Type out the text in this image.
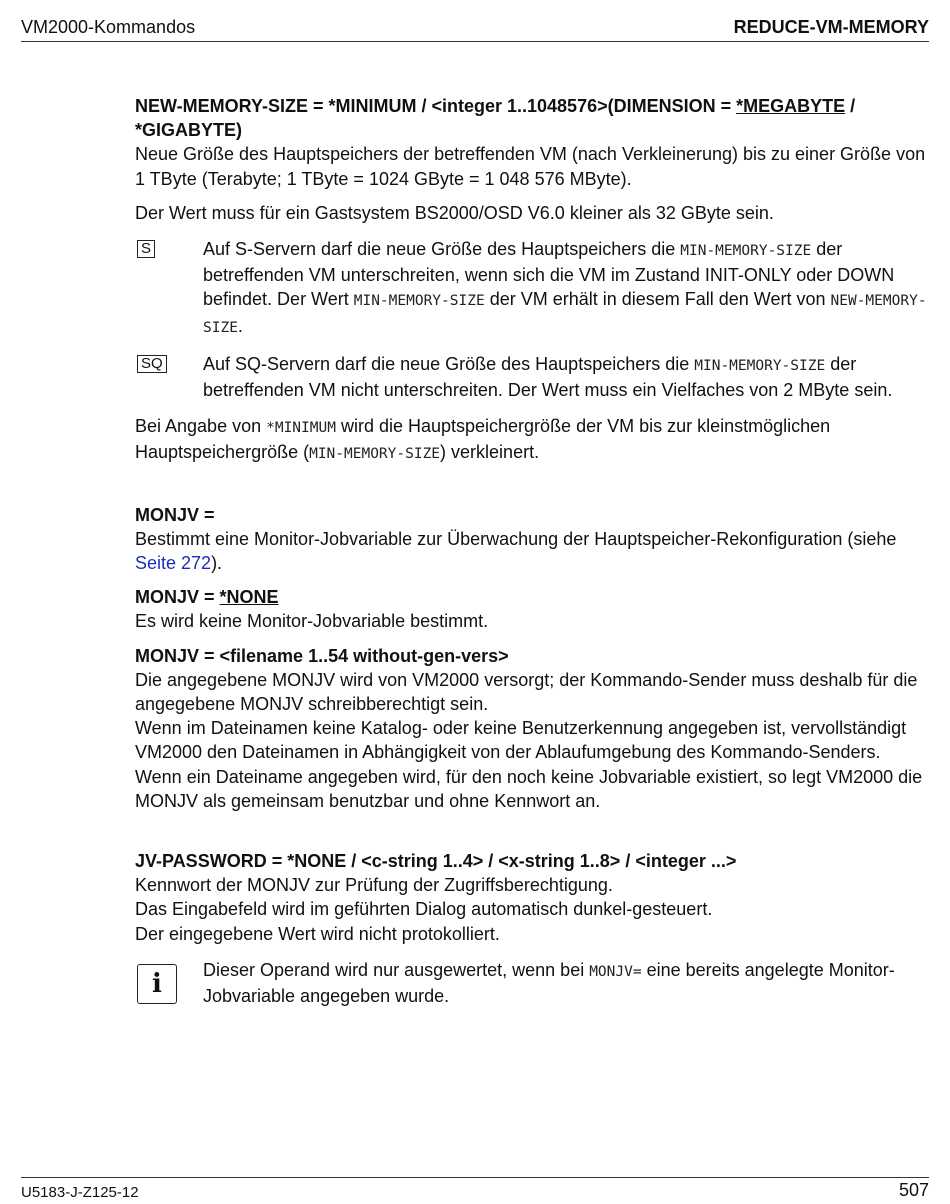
VM2000-Kommandos	REDUCE-VM-MEMORY

NEW-MEMORY-SIZE = *MINIMUM / <integer 1..1048576>(DIMENSION = *MEGABYTE / *GIGABYTE)

Neue Größe des Hauptspeichers der betreffenden VM (nach Verkleinerung) bis zu einer Größe von 1 TByte (Terabyte; 1 TByte = 1024 GByte = 1 048 576 MByte).

Der Wert muss für ein Gastsystem BS2000/OSD V6.0 kleiner als 32 GByte sein.

S	Auf S-Servern darf die neue Größe des Hauptspeichers die MIN-MEMORY-SIZE der betreffenden VM unterschreiten, wenn sich die VM im Zustand INIT-ONLY oder DOWN befindet. Der Wert MIN-MEMORY-SIZE der VM erhält in diesem Fall den Wert von NEW-MEMORY-SIZE.

SQ Auf SQ-Servern darf die neue Größe des Hauptspeichers die MIN-MEMORY-SIZE der betreffenden VM nicht unterschreiten. Der Wert muss ein Vielfaches von 2 MByte sein.

Bei Angabe von *MINIMUM wird die Hauptspeichergröße der VM bis zur kleinstmöglichen Hauptspeichergröße (MIN-MEMORY-SIZE) verkleinert.

MONJV =

Bestimmt eine Monitor-Jobvariable zur Überwachung der Hauptspeicher-Rekonfiguration (siehe Seite 272).

MONJV = *NONE

Es wird keine Monitor-Jobvariable bestimmt.

MONJV = <filename 1..54 without-gen-vers>

Die angegebene MONJV wird von VM2000 versorgt; der Kommando-Sender muss deshalb für die angegebene MONJV schreibberechtigt sein.

Wenn im Dateinamen keine Katalog- oder keine Benutzerkennung angegeben ist, vervollständigt VM2000 den Dateinamen in Abhängigkeit von der Ablaufumgebung des Kommando-Senders.

Wenn ein Dateiname angegeben wird, für den noch keine Jobvariable existiert, so legt VM2000 die MONJV als gemeinsam benutzbar und ohne Kennwort an.

JV-PASSWORD = *NONE / <c-string 1..4> / <x-string 1..8> / <integer ...>

Kennwort der MONJV zur Prüfung der Zugriffsberechtigung.

Das Eingabefeld wird im geführten Dialog automatisch dunkel-gesteuert.

Der eingegebene Wert wird nicht protokolliert.

i	Dieser Operand wird nur ausgewertet, wenn bei MONJV= eine bereits angelegte Monitor-Jobvariable angegeben wurde.

U5183-J-Z125-12	507
